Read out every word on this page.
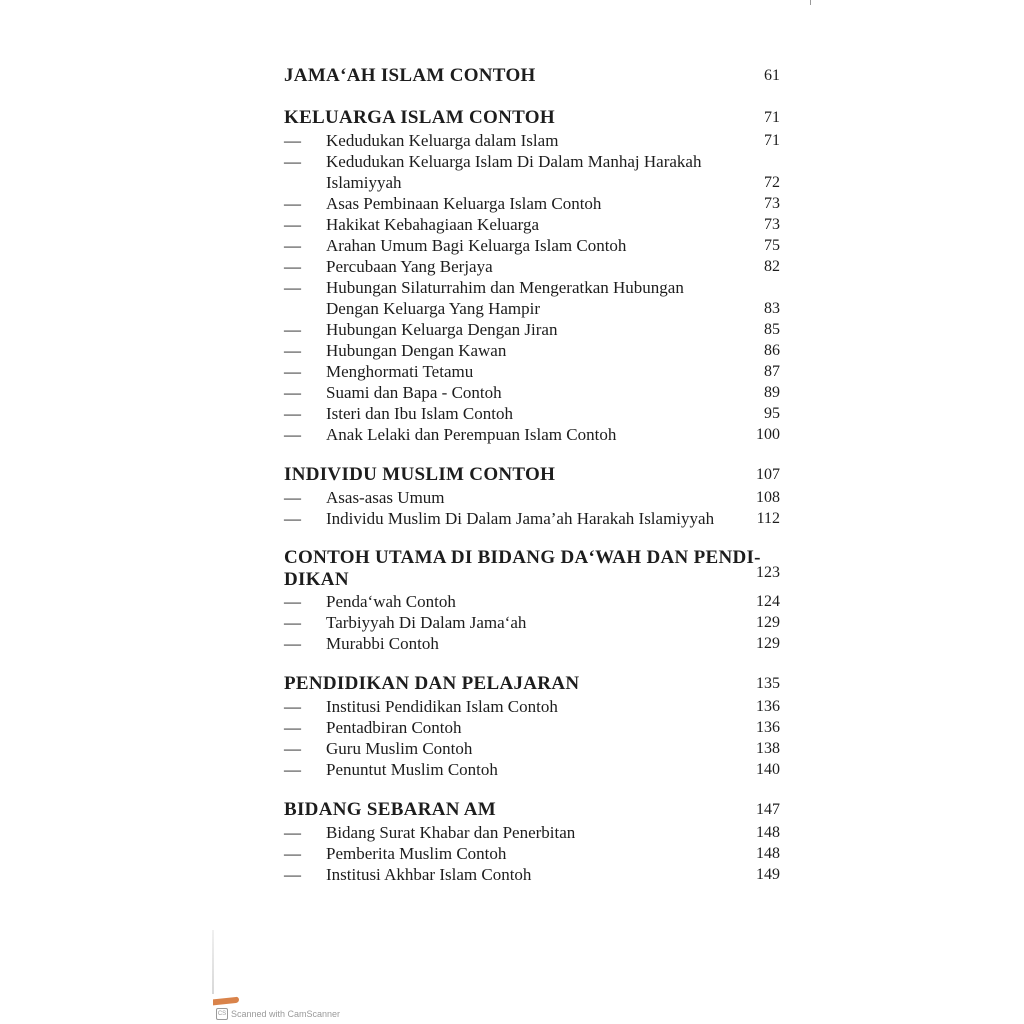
JAMA‘AH ISLAM CONTOH	61
KELUARGA ISLAM CONTOH	71
—	Kedudukan Keluarga dalam Islam	71
—	Kedudukan Keluarga Islam Di Dalam Manhaj Harakah Islamiyyah	72
—	Asas Pembinaan Keluarga Islam Contoh	73
—	Hakikat Kebahagiaan Keluarga	73
—	Arahan Umum Bagi Keluarga Islam Contoh	75
—	Percubaan Yang Berjaya	82
—	Hubungan Silaturrahim dan Mengeratkan Hubungan Dengan Keluarga Yang Hampir	83
—	Hubungan Keluarga Dengan Jiran	85
—	Hubungan Dengan Kawan	86
—	Menghormati Tetamu	87
—	Suami dan Bapa - Contoh	89
—	Isteri dan Ibu Islam Contoh	95
—	Anak Lelaki dan Perempuan Islam Contoh	100
INDIVIDU MUSLIM CONTOH	107
—	Asas-asas Umum	108
—	Individu Muslim Di Dalam Jama’ah Harakah Islamiyyah	112
CONTOH UTAMA DI BIDANG DA‘WAH DAN PENDI-
DIKAN	123
—	Penda‘wah Contoh	124
—	Tarbiyyah Di Dalam Jama‘ah	129
—	Murabbi Contoh	129
PENDIDIKAN DAN PELAJARAN	135
—	Institusi Pendidikan Islam Contoh	136
—	Pentadbiran Contoh	136
—	Guru Muslim Contoh	138
—	Penuntut Muslim Contoh	140
BIDANG SEBARAN AM	147
—	Bidang Surat Khabar dan Penerbitan	148
—	Pemberita Muslim Contoh	148
—	Institusi Akhbar Islam Contoh	149
CS Scanned with CamScanner
